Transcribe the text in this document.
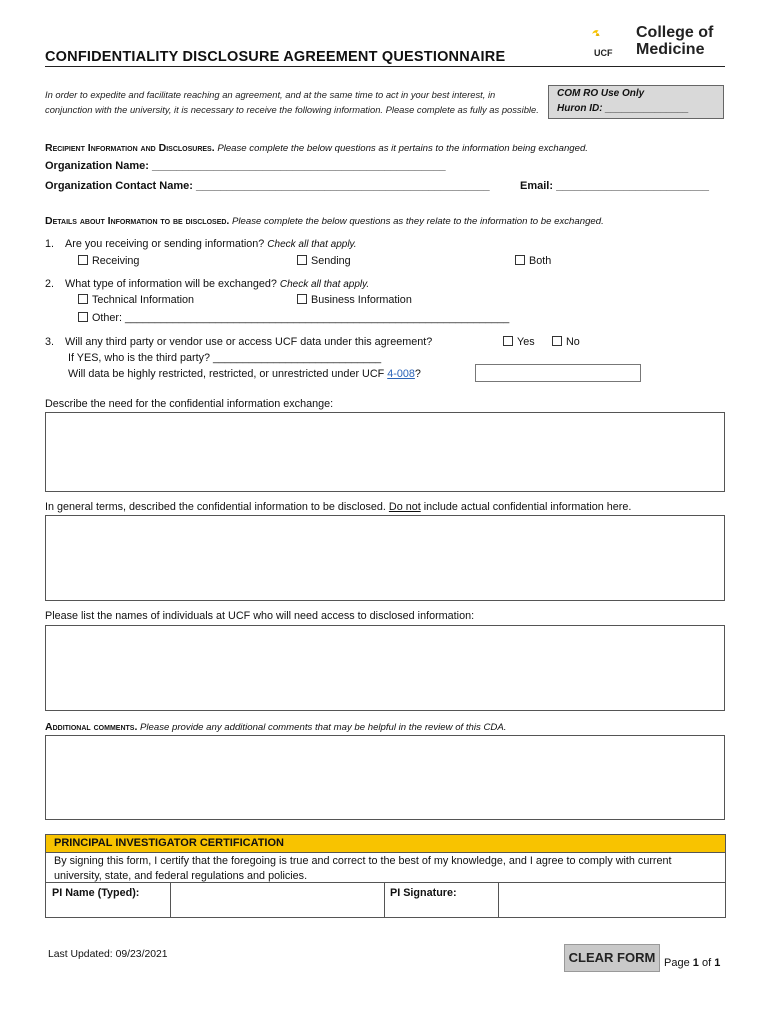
UCF
College of
Medicine
CONFIDENTIALITY DISCLOSURE AGREEMENT QUESTIONNAIRE
In order to expedite and facilitate reaching an agreement, and at the same time to act in your best interest, in conjunction with the university, it is necessary to receive the following information. Please complete as fully as possible.
COM RO Use Only
Huron ID: _______________
Recipient Information and Disclosures. Please complete the below questions as it pertains to the information being exchanged.
Organization Name: ________________________________________________
Organization Contact Name: ________________________________________________	Email: _________________________
Details about Information to be disclosed. Please complete the below questions as they relate to the information to be exchanged.
1. Are you receiving or sending information? Check all that apply.
Receiving	Sending	Both
2. What type of information will be exchanged? Check all that apply.
Technical Information	Business Information
Other: ________________________________________________________________
3. Will any third party or vendor use or access UCF data under this agreement?	Yes	No
If YES, who is the third party? ____________________________
Will data be highly restricted, restricted, or unrestricted under UCF 4-008?
Describe the need for the confidential information exchange:
In general terms, described the confidential information to be disclosed. Do not include actual confidential information here.
Please list the names of individuals at UCF who will need access to disclosed information:
Additional comments. Please provide any additional comments that may be helpful in the review of this CDA.
PRINCIPAL INVESTIGATOR CERTIFICATION
By signing this form, I certify that the foregoing is true and correct to the best of my knowledge, and I agree to comply with current university, state, and federal regulations and policies.
PI Name (Typed):	PI Signature:
Last Updated: 09/23/2021	CLEAR FORM Page 1 of 1
